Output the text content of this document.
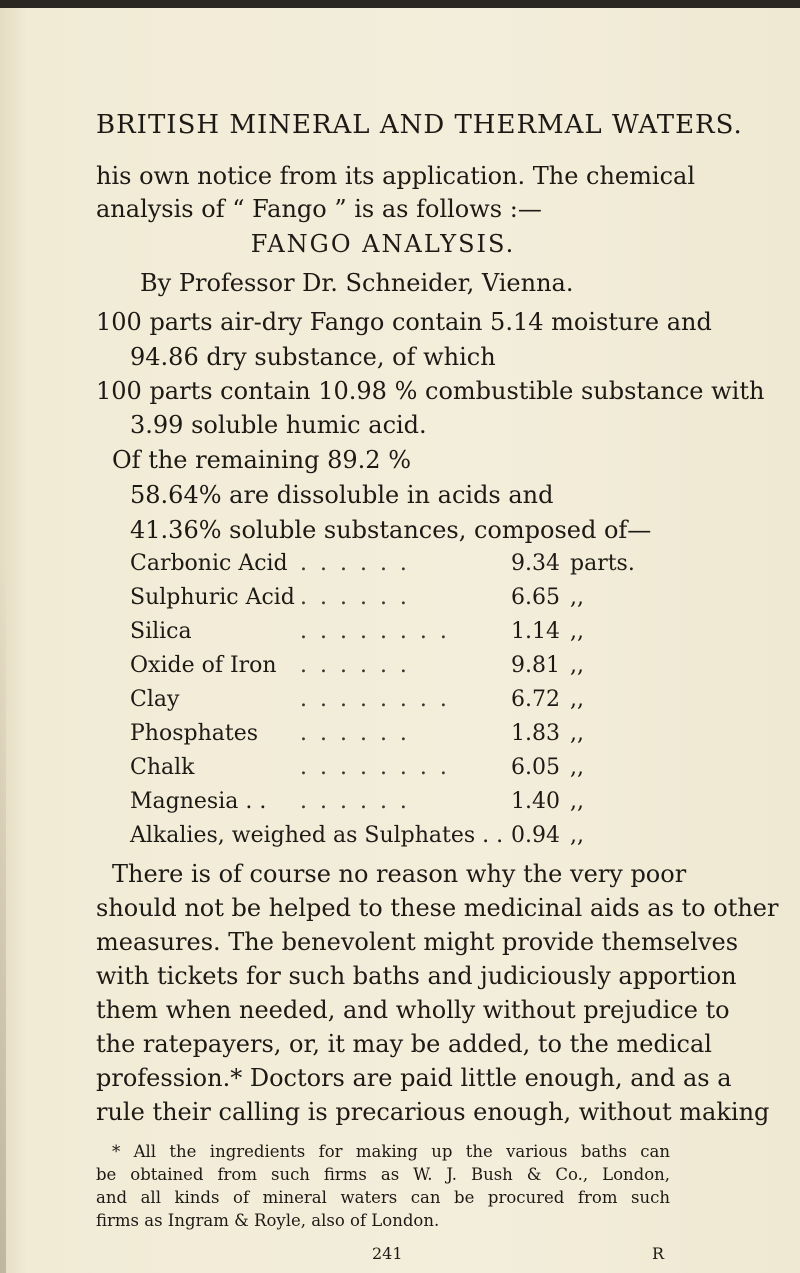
BRITISH MINERAL AND THERMAL WATERS.
his own notice from its application. The chemical
analysis of “ Fango ” is as follows :—
FANGO ANALYSIS.
By Professor Dr. Schneider, Vienna.
100 parts air-dry Fango contain 5.14 moisture and
94.86 dry substance, of which
100 parts contain 10.98 % combustible substance with
3.99 soluble humic acid.
Of the remaining 89.2 %
58.64% are dissoluble in acids and
41.36% soluble substances, composed of—
Carbonic Acid . . . . . .	9.34 parts.
Sulphuric Acid . . . . . .	6.65 ,,
Silica	. . . . . . . .	1.14 ,,
Oxide of Iron . . . . . .	9.81 ,,
Clay	. . . . . . . .	6.72 ,,
Phosphates . . . . . .	1.83 ,,
Chalk	. . . . . . . .	6.05 ,,
Magnesia . . . . . . . .	1.40 ,,
Alkalies, weighed as Sulphates . . 0.94 ,,
There is of course no reason why the very poor
should not be helped to these medicinal aids as to other
measures. The benevolent might provide themselves
with tickets for such baths and judiciously apportion
them when needed, and wholly without prejudice to
the ratepayers, or, it may be added, to the medical
profession.* Doctors are paid little enough, and as a
rule their calling is precarious enough, without making
* All the ingredients for making up the various baths can
be obtained from such firms as W. J. Bush & Co., London,
and all kinds of mineral waters can be procured from such
firms as Ingram & Royle, also of London.
241	R
